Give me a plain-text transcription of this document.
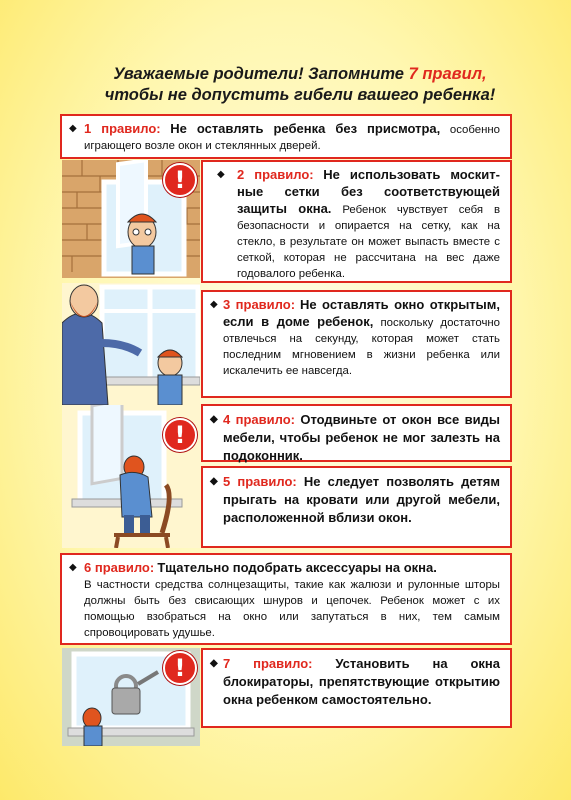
Уважаемые родители! Запомните 7 правил,
чтобы не допустить гибели вашего ребенка!
!
!
!
◆ 1 правило: Не оставлять ребенка без присмотра, особенно играющего возле окон и стеклянных дверей.
◆ 2 правило: Не использовать москит-ные сетки без соответствующей защиты окна. Ребенок чувствует себя в безопасности и опирается на сетку, как на стекло, в результате он может выпасть вместе с сеткой, которая не рассчитана на вес даже годовалого ребенка.
◆ 3 правило: Не оставлять окно открытым, если в доме ребенок, поскольку достаточно отвлечься на секунду, которая может стать последним мгновением в жизни ребенка или искалечить ее навсегда.
◆ 4 правило: Отодвиньте от окон все виды мебели, чтобы ребенок не мог залезть на подоконник.
◆ 5 правило: Не следует позволять детям прыгать на кровати или другой мебели, расположенной вблизи окон.
◆ 6 правило: Тщательно подобрать аксессуары на окна.
В частности средства солнцезащиты, такие как жалюзи и рулонные шторы должны быть без свисающих шнуров и цепочек. Ребенок может с их помощью взобраться на окно или запутаться в них, тем самым спровоцировать удушье.
◆ 7 правило: Установить на окна блокираторы, препятствующие открытию окна ребенком самостоятельно.
